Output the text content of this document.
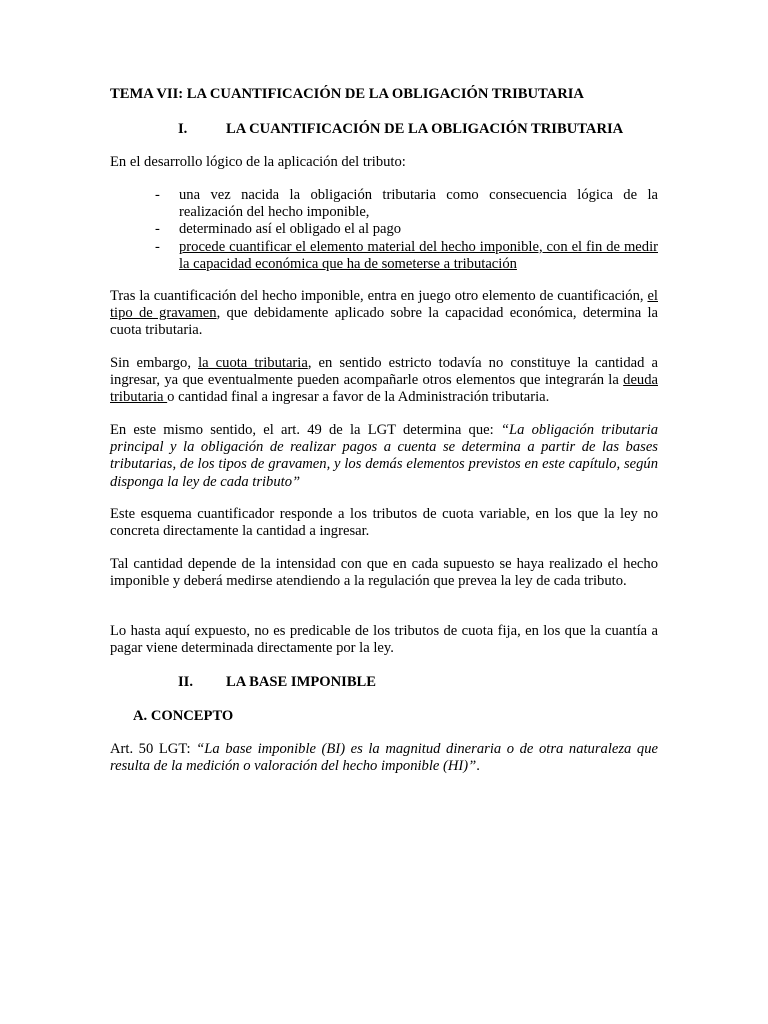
TEMA VII: LA CUANTIFICACIÓN DE LA OBLIGACIÓN TRIBUTARIA

I.	LA CUANTIFICACIÓN DE LA OBLIGACIÓN TRIBUTARIA

En el desarrollo lógico de la aplicación del tributo:

- una vez nacida la obligación tributaria como consecuencia lógica de la realización del hecho imponible,
- determinado así el obligado el al pago
- procede cuantificar el elemento material del hecho imponible, con el fin de medir la capacidad económica que ha de someterse a tributación

Tras la cuantificación del hecho imponible, entra en juego otro elemento de cuantificación, el tipo de gravamen, que debidamente aplicado sobre la capacidad económica, determina la cuota tributaria.

Sin embargo, la cuota tributaria, en sentido estricto todavía no constituye la cantidad a ingresar, ya que eventualmente pueden acompañarle otros elementos que integrarán la deuda tributaria o cantidad final a ingresar a favor de la Administración tributaria.

En este mismo sentido, el art. 49 de la LGT determina que: “La obligación tributaria principal y la obligación de realizar pagos a cuenta se determina a partir de las bases tributarias, de los tipos de gravamen, y los demás elementos previstos en este capítulo, según disponga la ley de cada tributo”

Este esquema cuantificador responde a los tributos de cuota variable, en los que la ley no concreta directamente la cantidad a ingresar.

Tal cantidad depende de la intensidad con que en cada supuesto se haya realizado el hecho imponible y deberá medirse atendiendo a la regulación que prevea la ley de cada tributo.

Lo hasta aquí expuesto, no es predicable de los tributos de cuota fija, en los que la cuantía a pagar viene determinada directamente por la ley.

II. LA BASE IMPONIBLE
A. CONCEPTO

Art. 50 LGT: “La base imponible (BI) es la magnitud dineraria o de otra naturaleza que resulta de la medición o valoración del hecho imponible (HI)”.
